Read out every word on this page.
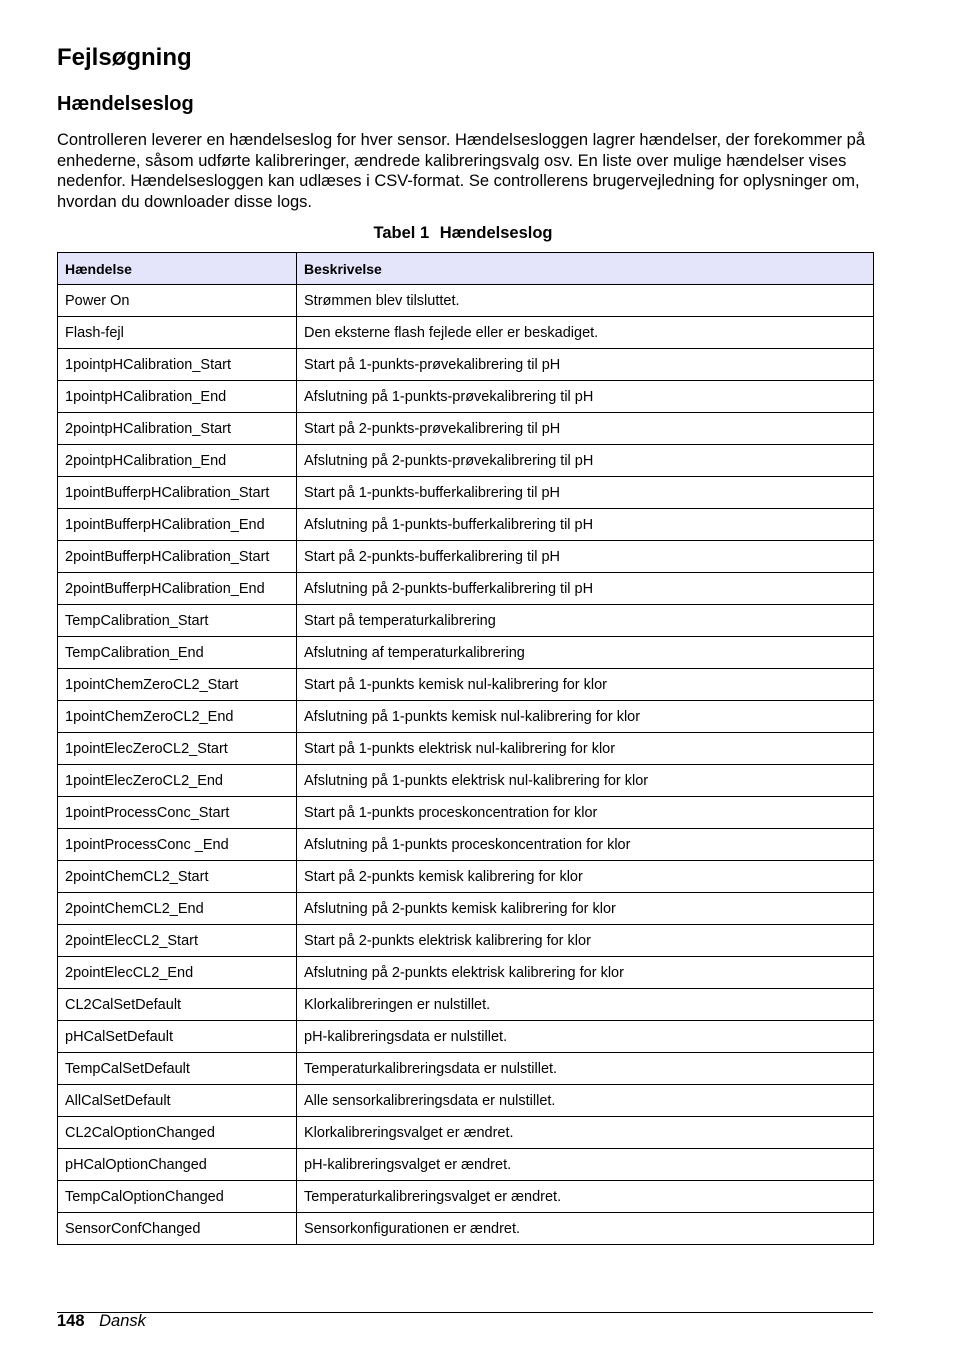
Fejlsøgning
Hændelseslog

Controlleren leverer en hændelseslog for hver sensor. Hændelsesloggen lagrer hændelser, der forekommer på enhederne, såsom udførte kalibreringer, ændrede kalibreringsvalg osv. En liste over mulige hændelser vises nedenfor. Hændelsesloggen kan udlæses i CSV-format. Se controllerens brugervejledning for oplysninger om, hvordan du downloader disse logs.

Tabel 1 Hændelseslog
Hændelse	Beskrivelse
Power On	Strømmen blev tilsluttet.
Flash-fejl	Den eksterne flash fejlede eller er beskadiget.
1pointpHCalibration_Start	Start på 1-punkts-prøvekalibrering til pH
1pointpHCalibration_End	Afslutning på 1-punkts-prøvekalibrering til pH
2pointpHCalibration_Start	Start på 2-punkts-prøvekalibrering til pH
2pointpHCalibration_End	Afslutning på 2-punkts-prøvekalibrering til pH
1pointBufferpHCalibration_Start	Start på 1-punkts-bufferkalibrering til pH
1pointBufferpHCalibration_End	Afslutning på 1-punkts-bufferkalibrering til pH
2pointBufferpHCalibration_Start	Start på 2-punkts-bufferkalibrering til pH
2pointBufferpHCalibration_End	Afslutning på 2-punkts-bufferkalibrering til pH
TempCalibration_Start	Start på temperaturkalibrering
TempCalibration_End	Afslutning af temperaturkalibrering
1pointChemZeroCL2_Start	Start på 1-punkts kemisk nul-kalibrering for klor
1pointChemZeroCL2_End	Afslutning på 1-punkts kemisk nul-kalibrering for klor
1pointElecZeroCL2_Start	Start på 1-punkts elektrisk nul-kalibrering for klor
1pointElecZeroCL2_End	Afslutning på 1-punkts elektrisk nul-kalibrering for klor
1pointProcessConc_Start	Start på 1-punkts proceskoncentration for klor
1pointProcessConc _End	Afslutning på 1-punkts proceskoncentration for klor
2pointChemCL2_Start	Start på 2-punkts kemisk kalibrering for klor
2pointChemCL2_End	Afslutning på 2-punkts kemisk kalibrering for klor
2pointElecCL2_Start	Start på 2-punkts elektrisk kalibrering for klor
2pointElecCL2_End	Afslutning på 2-punkts elektrisk kalibrering for klor
CL2CalSetDefault	Klorkalibreringen er nulstillet.
pHCalSetDefault	pH-kalibreringsdata er nulstillet.
TempCalSetDefault	Temperaturkalibreringsdata er nulstillet.
AllCalSetDefault	Alle sensorkalibreringsdata er nulstillet.
CL2CalOptionChanged	Klorkalibreringsvalget er ændret.
pHCalOptionChanged	pH-kalibreringsvalget er ændret.
TempCalOptionChanged	Temperaturkalibreringsvalget er ændret.
SensorConfChanged	Sensorkonfigurationen er ændret.
148 Dansk
